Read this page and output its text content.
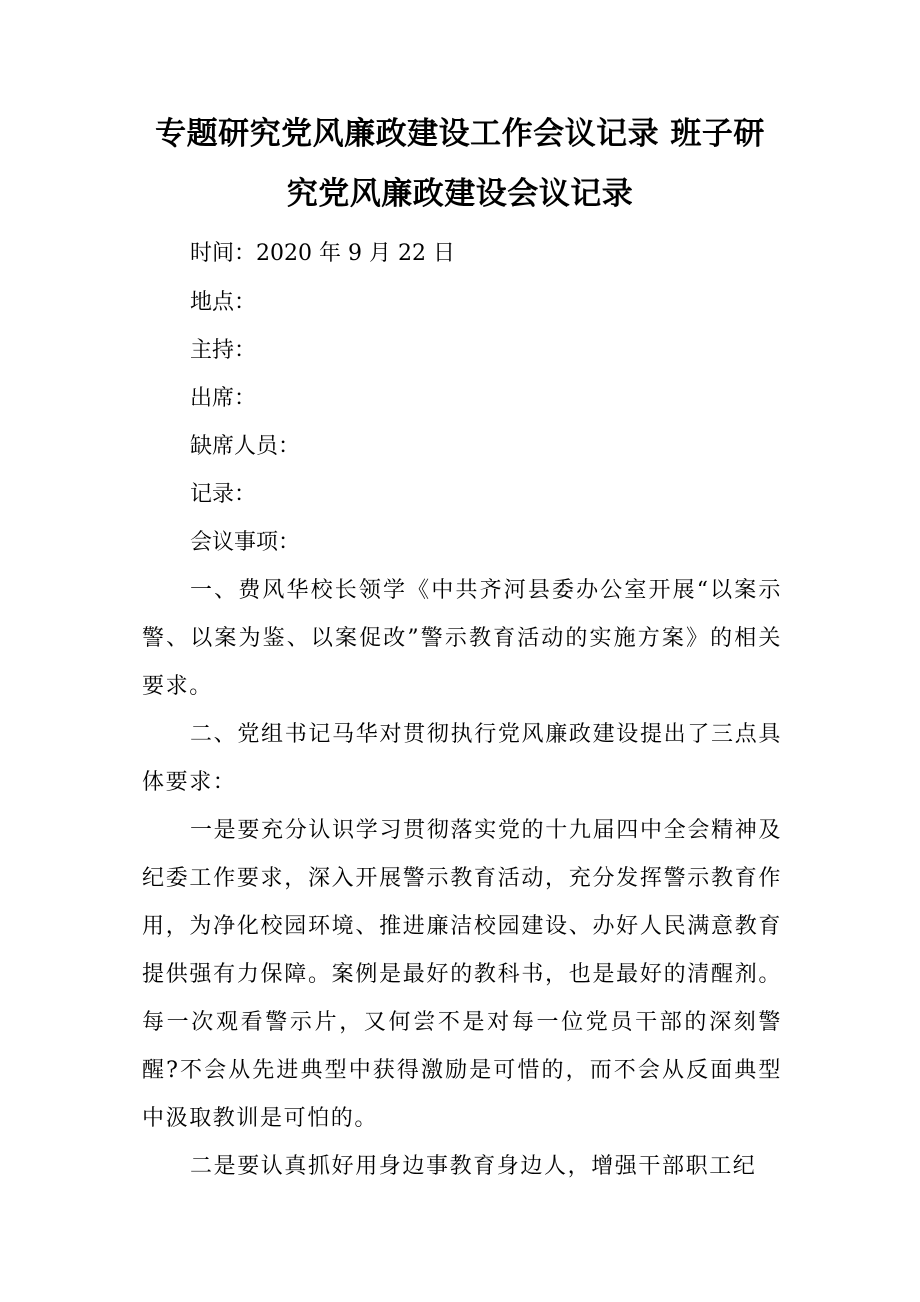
专题研究党风廉政建设工作会议记录 班子研
究党风廉政建设会议记录

时间：2020 年 9 月 22 日

地点：

主持：

出席：

缺席人员：

记录：

会议事项：

一、费风华校长领学《中共齐河县委办公室开展“以案示警、以案为鉴、以案促改”警示教育活动的实施方案》的相关要求。

二、党组书记马华对贯彻执行党风廉政建设提出了三点具体要求：

一是要充分认识学习贯彻落实党的十九届四中全会精神及纪委工作要求，深入开展警示教育活动，充分发挥警示教育作用，为净化校园环境、推进廉洁校园建设、办好人民满意教育提供强有力保障。案例是最好的教科书，也是最好的清醒剂。每一次观看警示片，又何尝不是对每一位党员干部的深刻警醒?不会从先进典型中获得激励是可惜的，而不会从反面典型中汲取教训是可怕的。

二是要认真抓好用身边事教育身边人，增强干部职工纪
